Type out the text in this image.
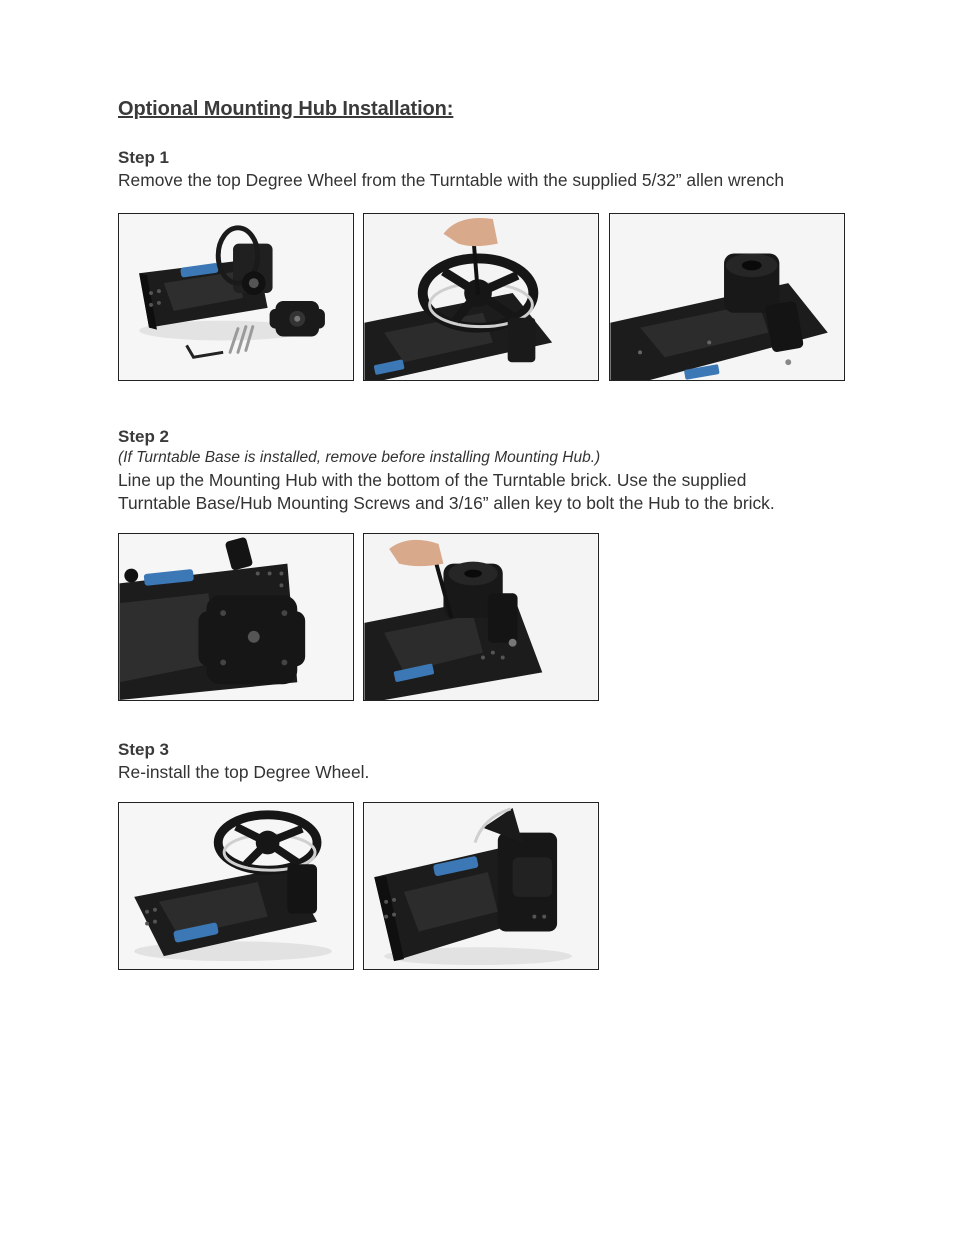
Optional Mounting Hub Installation:
Step 1

Remove the top Degree Wheel from the Turntable with the supplied 5/32” allen wrench

Step 2

(If Turntable Base is installed, remove before installing Mounting Hub.)

Line up the Mounting Hub with the bottom of the Turntable brick. Use the supplied

Turntable Base/Hub Mounting Screws and 3/16” allen key to bolt the Hub to the brick.

Step 3

Re-install the top Degree Wheel.
